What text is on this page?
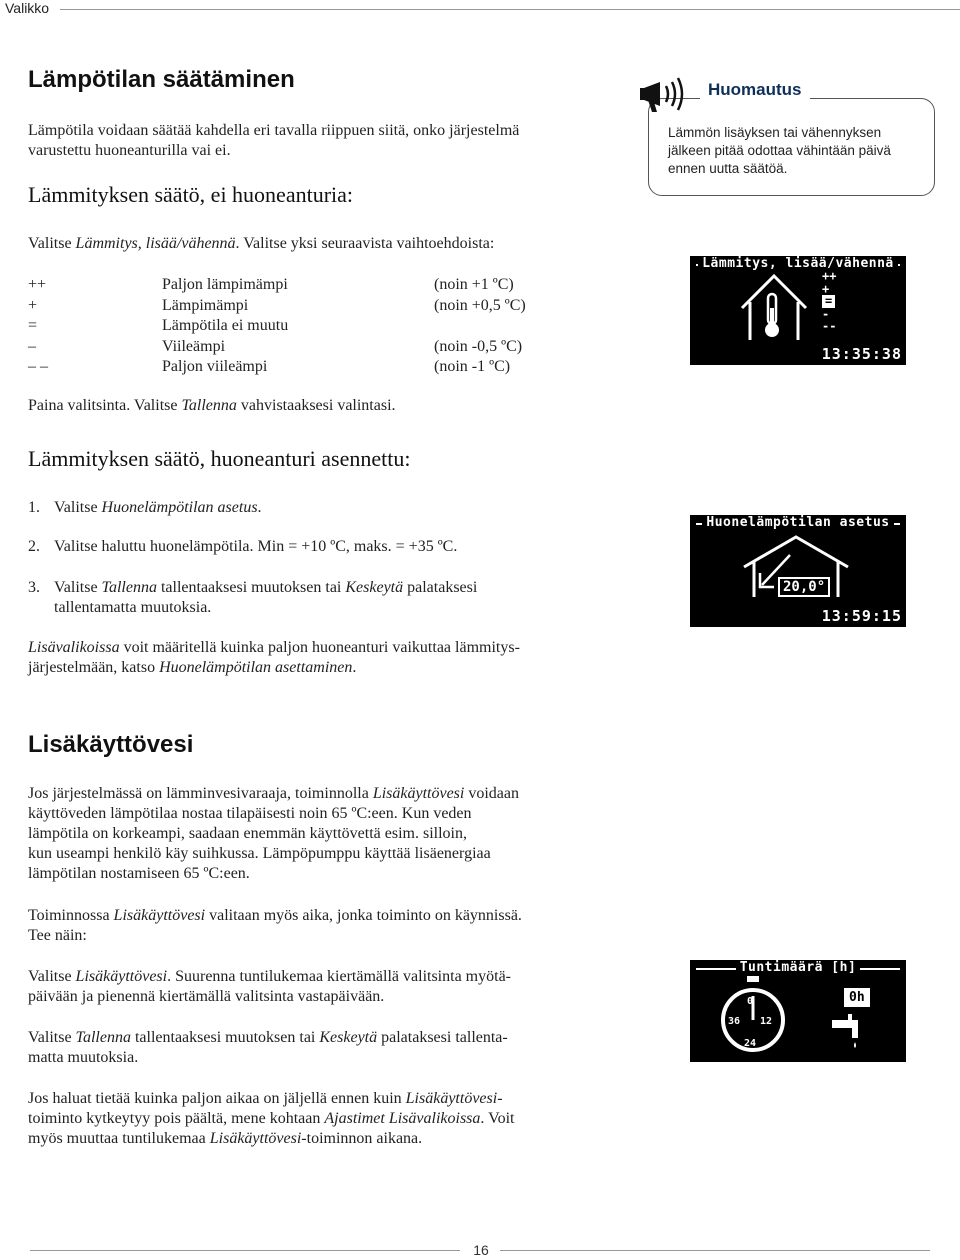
Valikko
Lämpötilan säätäminen
Lämpötila voidaan säätää kahdella eri tavalla riippuen siitä, onko järjestelmä
varustettu huoneanturilla vai ei.
Lämmityksen säätö, ei huoneanturia:
Valitse Lämmitys, lisää/vähennä. Valitse yksi seuraavista vaihtoehdoista:
++	Paljon lämpimämpi	(noin +1 ºC)
+	Lämpimämpi	(noin +0,5 ºC)
=	Lämpötila ei muutu
–	Viileämpi	(noin -0,5 ºC)
– –	Paljon viileämpi	(noin -1 ºC)
Paina valitsinta. Valitse Tallenna vahvistaaksesi valintasi.
Lämmityksen säätö, huoneanturi asennettu:
1. Valitse Huonelämpötilan asetus.
2. Valitse haluttu huonelämpötila. Min = +10 ºC, maks. = +35 ºC.
3. Valitse Tallenna tallentaaksesi muutoksen tai Keskeytä palataksesi
tallentamatta muutoksia.
Lisävalikoissa voit määritellä kuinka paljon huoneanturi vaikuttaa lämmitys-
järjestelmään, katso Huonelämpötilan asettaminen.
Huomautus
Lämmön lisäyksen tai vähennyksen
jälkeen pitää odottaa vähintään päivä
ennen uutta säätöä.
Lämmitys, lisää/vähennä
++
+
=
-
--
13:35:38
Huonelämpötilan asetus
20,0°
13:59:15
Tuntimäärä [h]
0
12
36
24
0h
Lisäkäyttövesi
Jos järjestelmässä on lämminvesivaraaja, toiminnolla Lisäkäyttövesi voidaan
käyttöveden lämpötilaa nostaa tilapäisesti noin 65 ºC:een. Kun veden
lämpötila on korkeampi, saadaan enemmän käyttövettä esim. silloin,
kun useampi henkilö käy suihkussa. Lämpöpumppu käyttää lisäenergiaa
lämpötilan nostamiseen 65 ºC:een.
Toiminnossa Lisäkäyttövesi valitaan myös aika, jonka toiminto on käynnissä.
Tee näin:
Valitse Lisäkäyttövesi. Suurenna tuntilukemaa kiertämällä valitsinta myötä-
päivään ja pienennä kiertämällä valitsinta vastapäivään.
Valitse Tallenna tallentaaksesi muutoksen tai Keskeytä palataksesi tallenta-
matta muutoksia.
Jos haluat tietää kuinka paljon aikaa on jäljellä ennen kuin Lisäkäyttövesi-
toiminto kytkeytyy pois päältä, mene kohtaan Ajastimet Lisävalikoissa. Voit
myös muuttaa tuntilukemaa Lisäkäyttövesi-toiminnon aikana.
16
